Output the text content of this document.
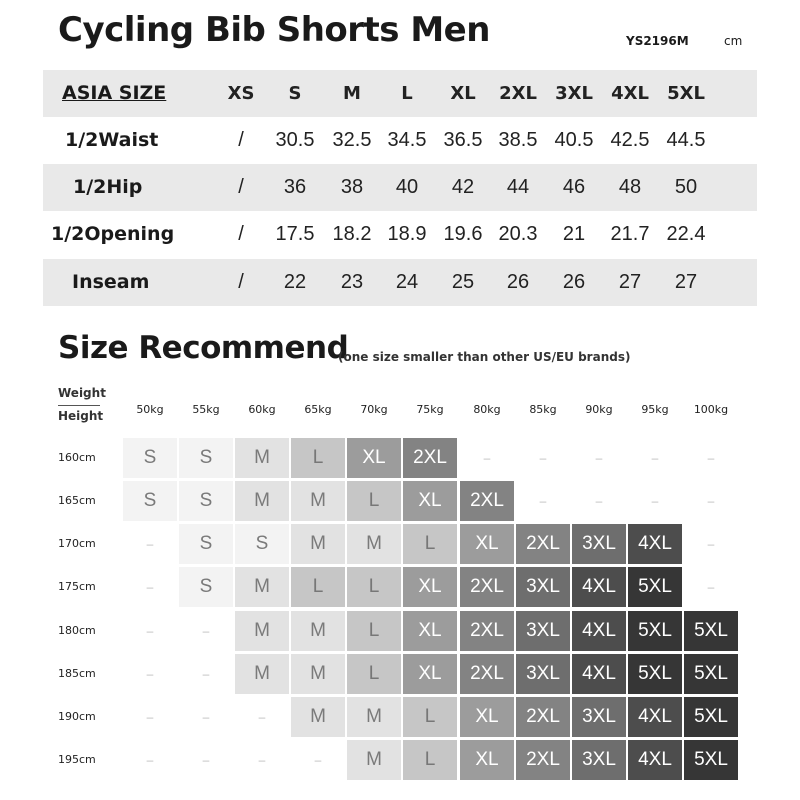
Cycling Bib Shorts Men	YS2196M	cm
ASIA SIZE	XS	S	M	L	XL	2XL	3XL	4XL	5XL
1/2Waist	/	30.5 32.5 34.5 36.5 38.5 40.5 42.5 44.5
1/2Hip	/	36	38	40	42	44	46	48	50
1/2Opening	/	17.5 18.2 18.9 19.6 20.3	21	21.7 22.4
Inseam	/	22	23	24	25	26	26	27	27
Size Recommend
(one size smaller than other US/EU brands)
Weight
Height	50kg	55kg	60kg	65kg	70kg	75kg	80kg	85kg	90kg	95kg	100kg
160cm	S	S	M	L	XL	2XL	–	–	–	–	–
165cm	S	S	M	M	L	XL	2XL	–	–	–	–
170cm	–	S	S	M	M	L	XL	2XL	3XL	4XL	–
175cm	–	S	M	L	L	XL	2XL	3XL	4XL	5XL	–
180cm	–	–	M	M	L	XL	2XL	3XL	4XL	5XL	5XL
185cm	–	–	M	M	L	XL	2XL	3XL	4XL	5XL	5XL
190cm	–	–	–	M	M	L	XL	2XL	3XL	4XL	5XL
195cm	–	–	–	–	M	L	XL	2XL	3XL	4XL	5XL
